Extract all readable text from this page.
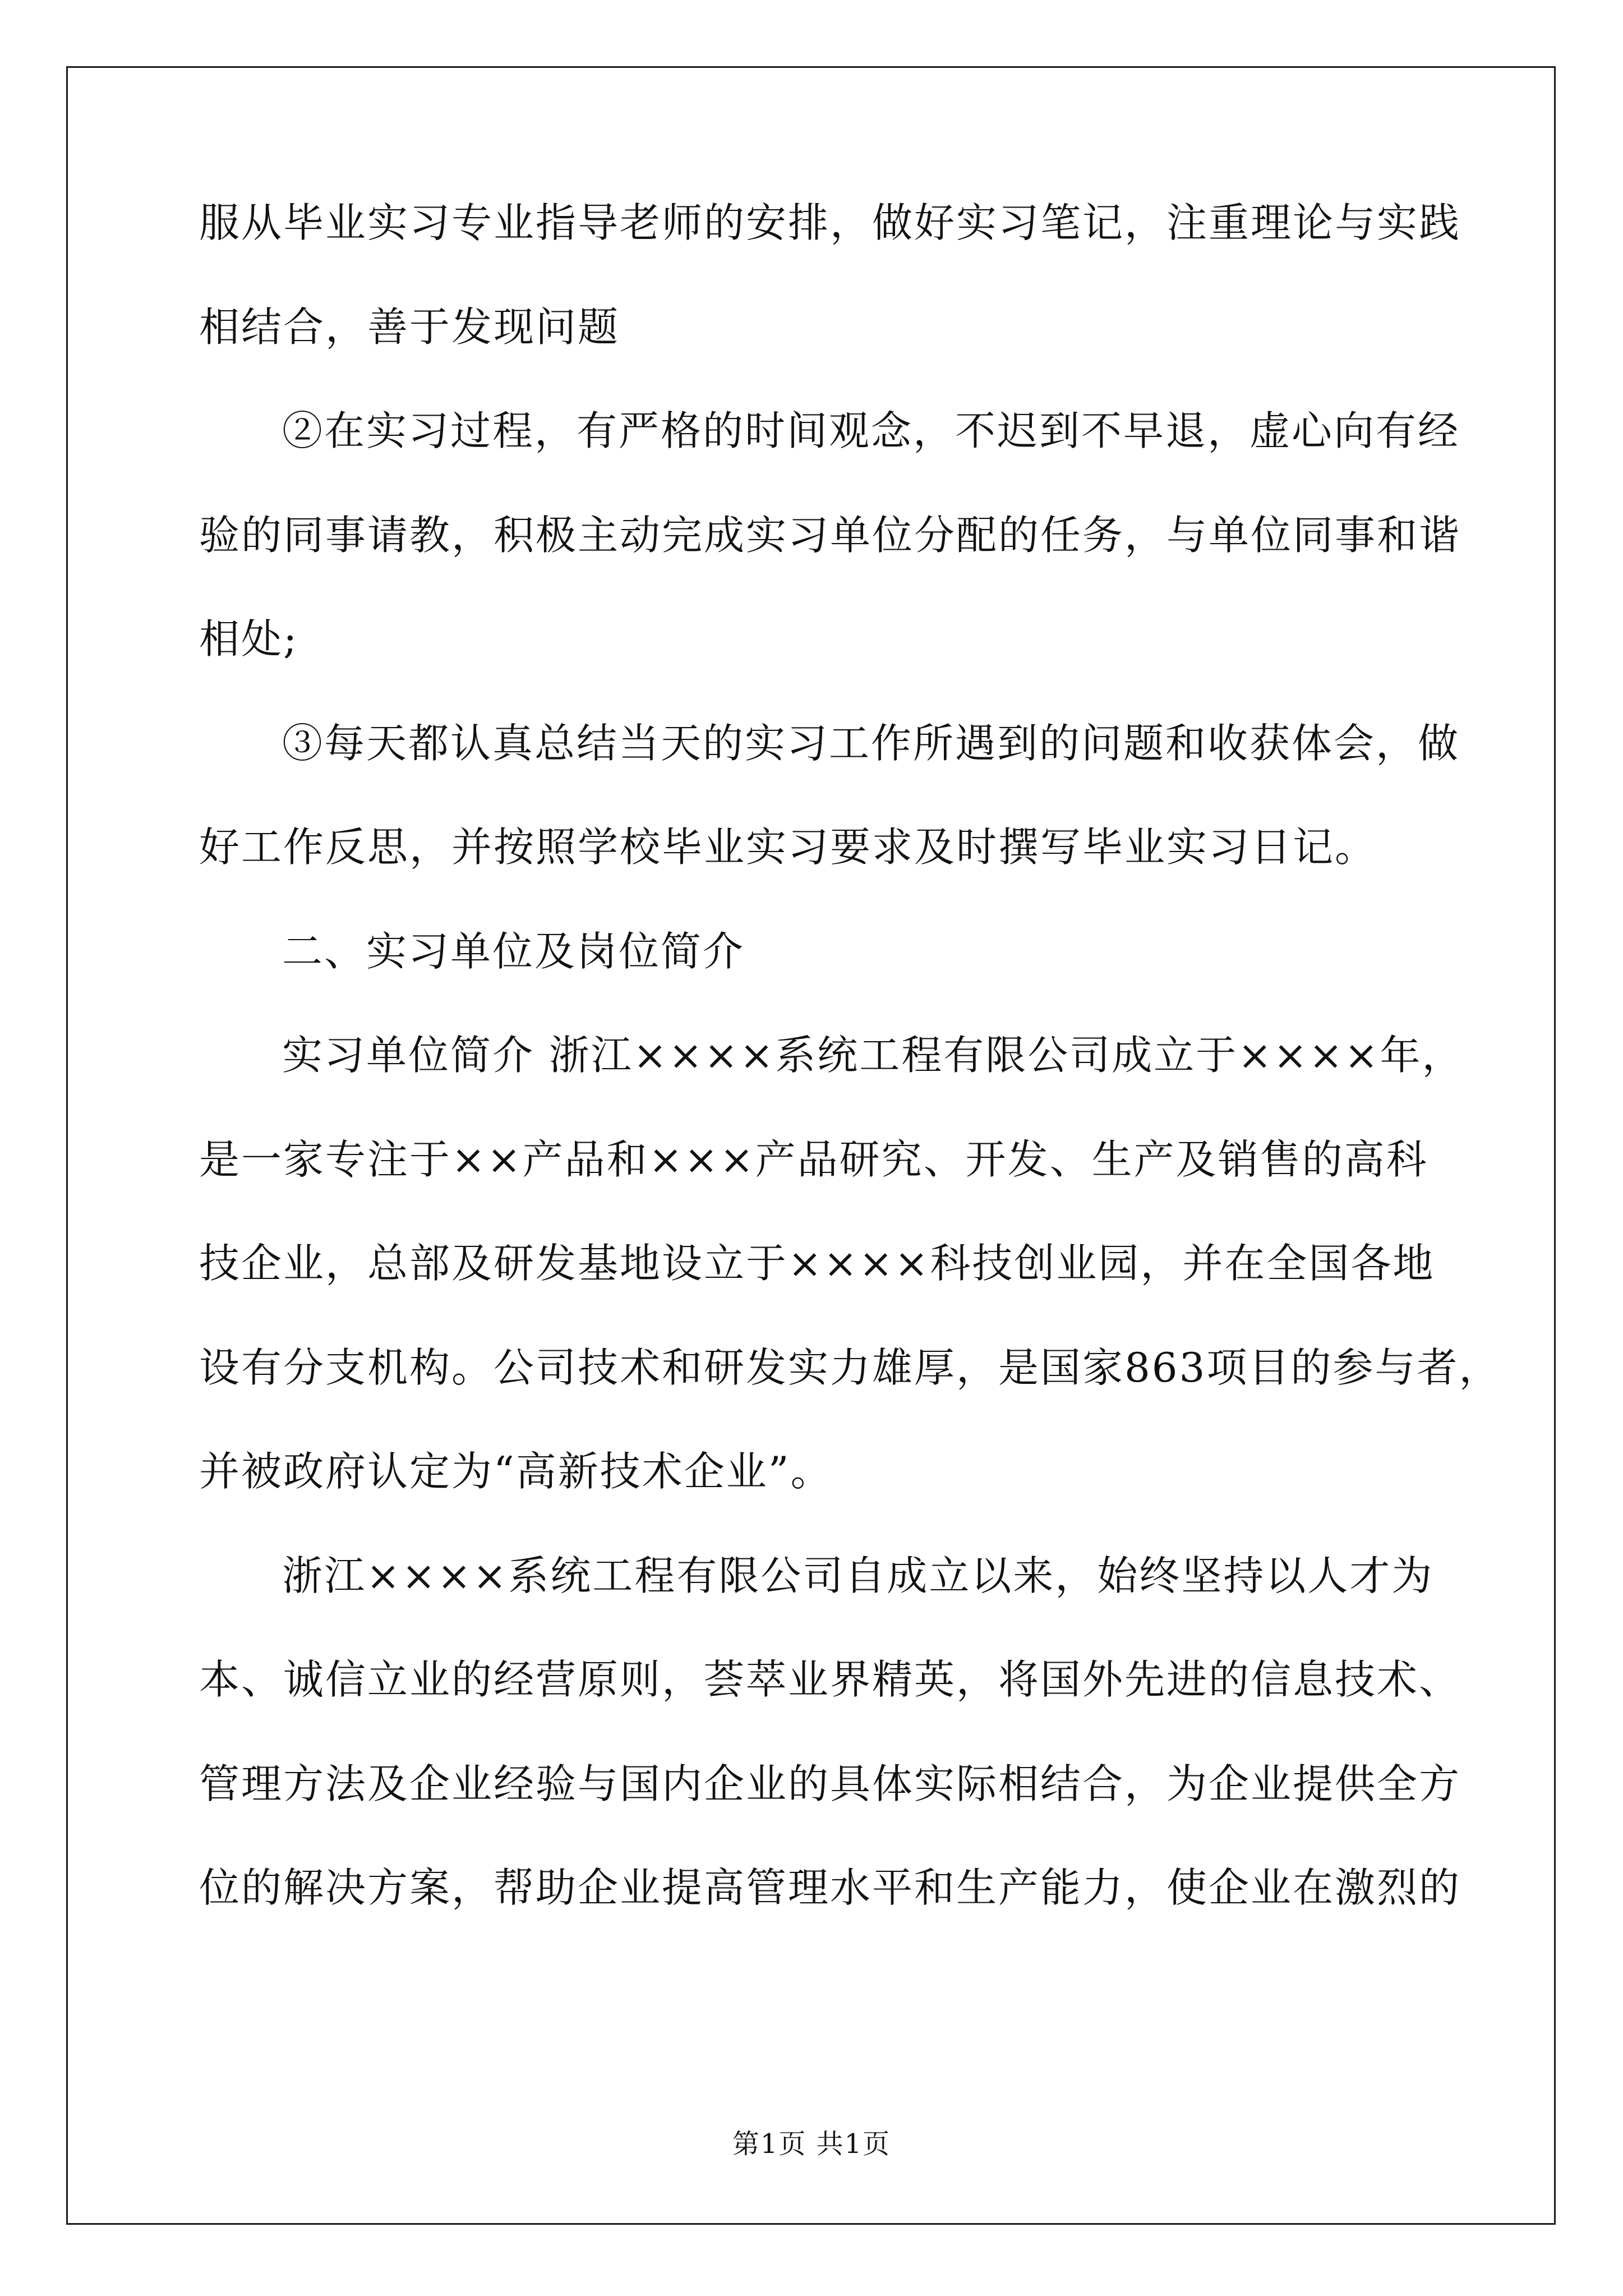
服从毕业实习专业指导老师的安排，做好实习笔记，注重理论与实践
相结合，善于发现问题
②在实习过程，有严格的时间观念，不迟到不早退，虚心向有经
验的同事请教，积极主动完成实习单位分配的任务，与单位同事和谐
相处;
③每天都认真总结当天的实习工作所遇到的问题和收获体会，做
好工作反思，并按照学校毕业实习要求及时撰写毕业实习日记。
二、实习单位及岗位简介
实习单位简介 浙江××××系统工程有限公司成立于××××年，
是一家专注于××产品和×××产品研究、开发、生产及销售的高科
技企业，总部及研发基地设立于××××科技创业园，并在全国各地
设有分支机构。公司技术和研发实力雄厚，是国家863项目的参与者，
并被政府认定为“高新技术企业”。
浙江××××系统工程有限公司自成立以来，始终坚持以人才为
本、诚信立业的经营原则，荟萃业界精英，将国外先进的信息技术、
管理方法及企业经验与国内企业的具体实际相结合，为企业提供全方
位的解决方案，帮助企业提高管理水平和生产能力，使企业在激烈的
第1页 共1页
